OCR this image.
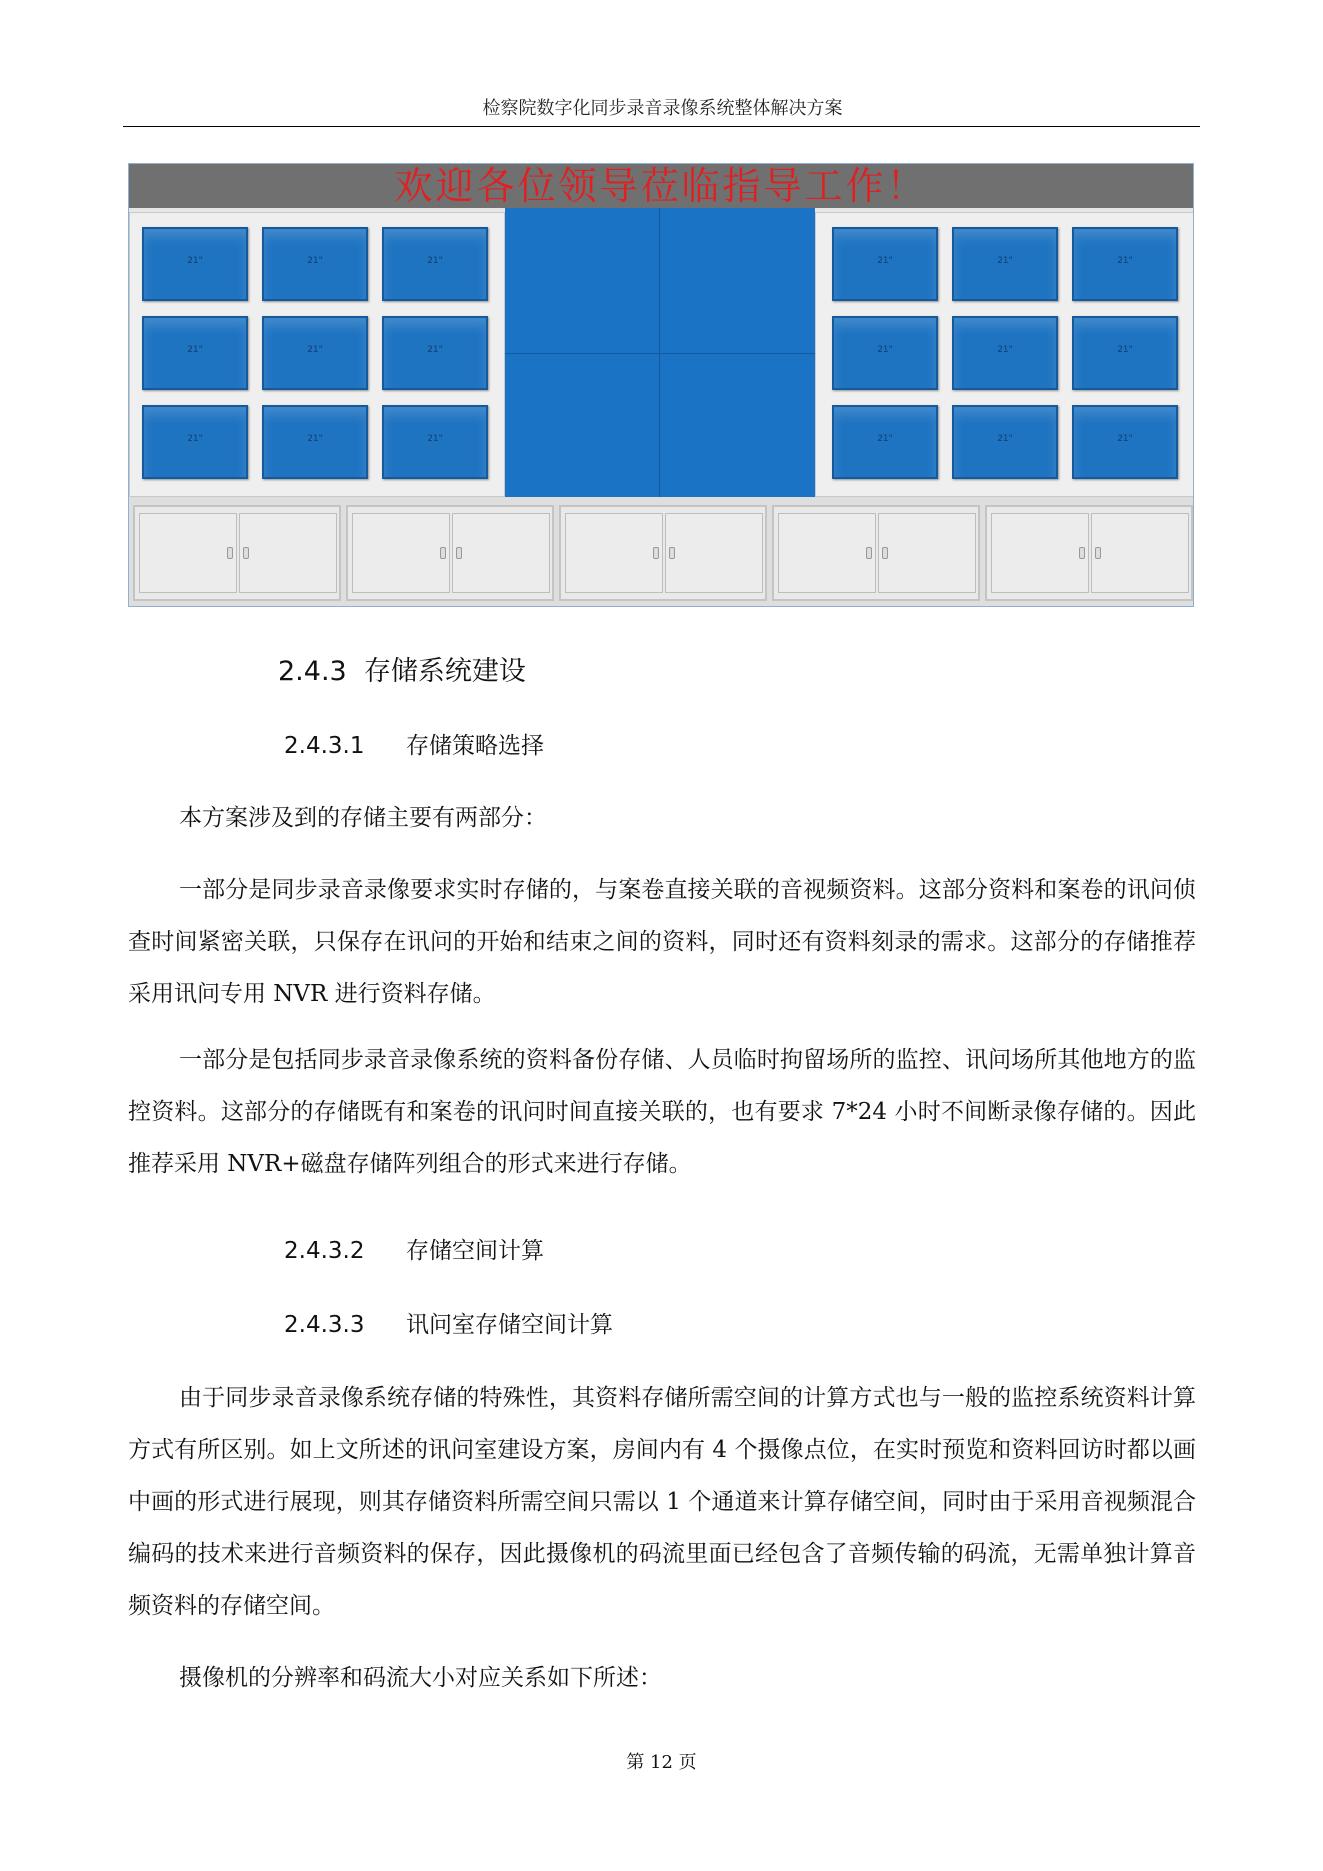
检察院数字化同步录音录像系统整体解决方案
欢迎各位领导莅临指导工作！
21"	21"	21"
21"	21"	21"
21"	21"	21"
21"	21"	21"
21"	21"	21"
21"	21"	21"
2.4.3 存储系统建设
2.4.3.1 存储策略选择

本方案涉及到的存储主要有两部分：

一部分是同步录音录像要求实时存储的，与案卷直接关联的音视频资料。这部分资料和案卷的讯问侦查时间紧密关联，只保存在讯问的开始和结束之间的资料，同时还有资料刻录的需求。这部分的存储推荐采用讯问专用 NVR 进行资料存储。

一部分是包括同步录音录像系统的资料备份存储、人员临时拘留场所的监控、讯问场所其他地方的监控资料。这部分的存储既有和案卷的讯问时间直接关联的，也有要求 7*24 小时不间断录像存储的。因此推荐采用 NVR+磁盘存储阵列组合的形式来进行存储。

2.4.3.2 存储空间计算
2.4.3.3 讯问室存储空间计算

由于同步录音录像系统存储的特殊性，其资料存储所需空间的计算方式也与一般的监控系统资料计算方式有所区别。如上文所述的讯问室建设方案，房间内有 4 个摄像点位，在实时预览和资料回访时都以画中画的形式进行展现，则其存储资料所需空间只需以 1 个通道来计算存储空间，同时由于采用音视频混合编码的技术来进行音频资料的保存，因此摄像机的码流里面已经包含了音频传输的码流，无需单独计算音频资料的存储空间。

摄像机的分辨率和码流大小对应关系如下所述：

第 12 页
